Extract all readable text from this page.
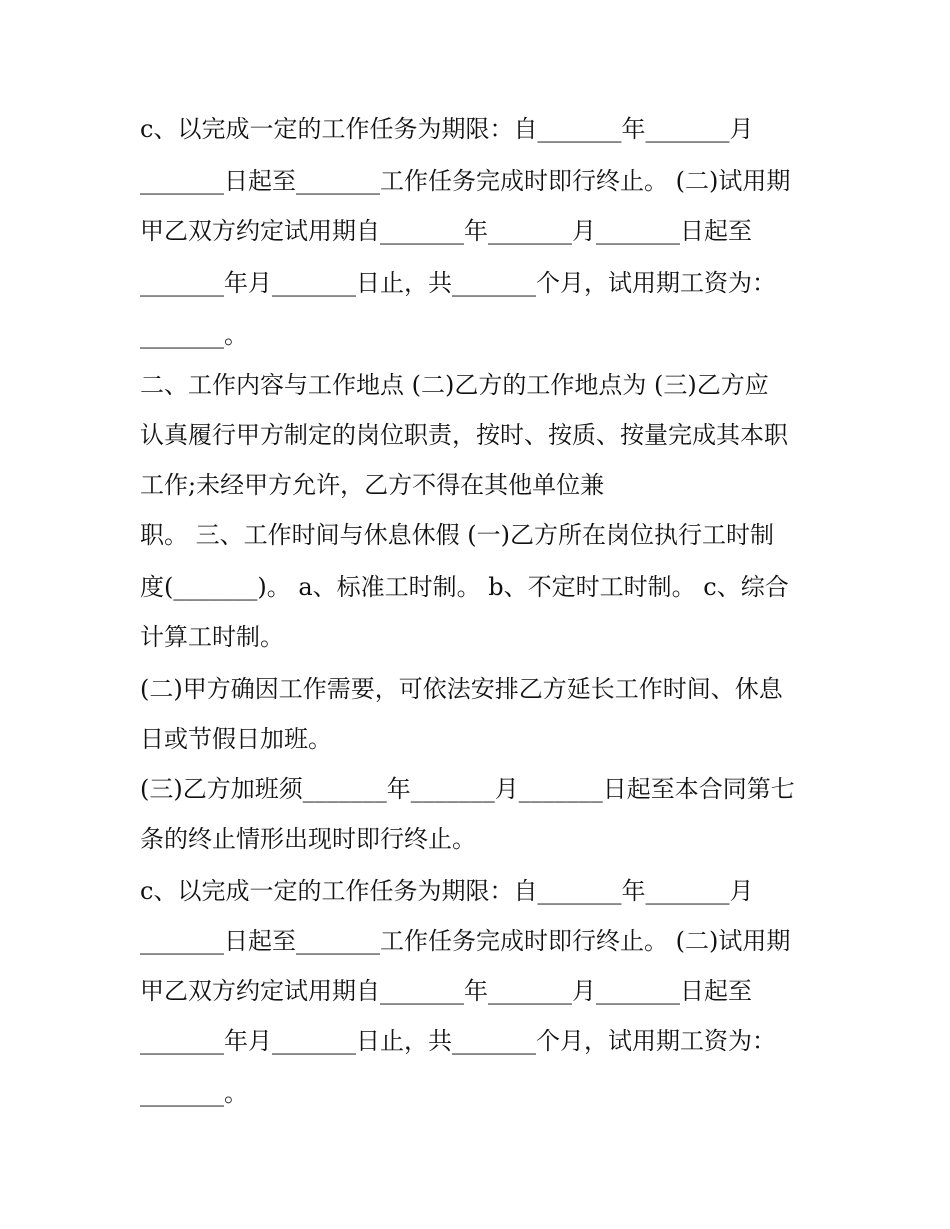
c、以完成一定的工作任务为期限：自_______年_______月
_______日起至_______工作任务完成时即行终止。 (二)试用期
甲乙双方约定试用期自_______年_______月_______日起至
_______年月_______日止，共_______个月，试用期工资为：
_______。
二、工作内容与工作地点 (二)乙方的工作地点为 (三)乙方应
认真履行甲方制定的岗位职责，按时、按质、按量完成其本职
工作;未经甲方允许，乙方不得在其他单位兼
职。 三、工作时间与休息休假 (一)乙方所在岗位执行工时制
度(_______)。 a、标准工时制。 b、不定时工时制。 c、综合
计算工时制。
(二)甲方确因工作需要，可依法安排乙方延长工作时间、休息
日或节假日加班。
(三)乙方加班须_______年_______月_______日起至本合同第七
条的终止情形出现时即行终止。
c、以完成一定的工作任务为期限：自_______年_______月
_______日起至_______工作任务完成时即行终止。 (二)试用期
甲乙双方约定试用期自_______年_______月_______日起至
_______年月_______日止，共_______个月，试用期工资为：
_______。
